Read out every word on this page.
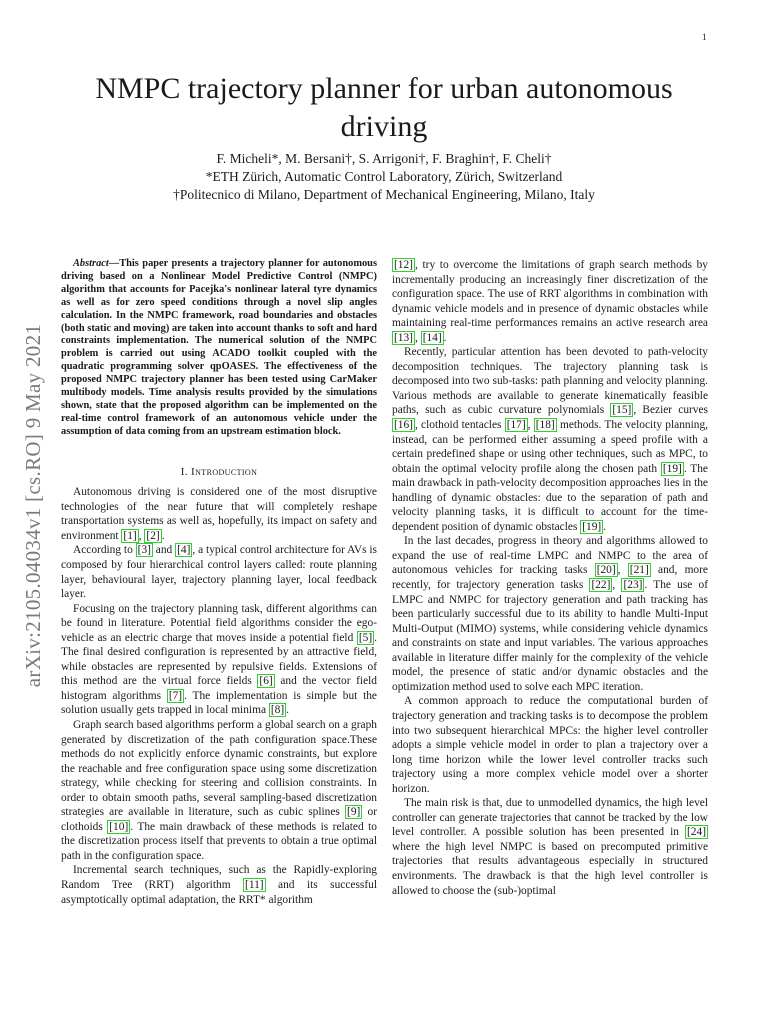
1
arXiv:2105.04034v1 [cs.RO] 9 May 2021
NMPC trajectory planner for urban autonomous driving
F. Micheli*, M. Bersani†, S. Arrigoni†, F. Braghin†, F. Cheli†
*ETH Zürich, Automatic Control Laboratory, Zürich, Switzerland
†Politecnico di Milano, Department of Mechanical Engineering, Milano, Italy

Abstract—This paper presents a trajectory planner for autonomous driving based on a Nonlinear Model Predictive Control (NMPC) algorithm that accounts for Pacejka's nonlinear lateral tyre dynamics as well as for zero speed conditions through a novel slip angles calculation. In the NMPC framework, road boundaries and obstacles (both static and moving) are taken into account thanks to soft and hard constraints implementation. The numerical solution of the NMPC problem is carried out using ACADO toolkit coupled with the quadratic programming solver qpOASES. The effectiveness of the proposed NMPC trajectory planner has been tested using CarMaker multibody models. Time analysis results provided by the simulations shown, state that the proposed algorithm can be implemented on the real-time control framework of an autonomous vehicle under the assumption of data coming from an upstream estimation block.

I. Introduction

Autonomous driving is considered one of the most disruptive technologies of the near future that will completely reshape transportation systems as well as, hopefully, its impact on safety and environment [1] , [2] .

According to [3] and [4] , a typical control architecture for AVs is composed by four hierarchical control layers called: route planning layer, behavioural layer, trajectory planning layer, local feedback layer.

Focusing on the trajectory planning task, different algorithms can be found in literature. Potential field algorithms consider the ego-vehicle as an electric charge that moves inside a potential field [5] . The final desired configuration is represented by an attractive field, while obstacles are represented by repulsive fields. Extensions of this method are the virtual force fields [6] and the vector field histogram algorithms [7] . The implementation is simple but the solution usually gets trapped in local minima [8] .

Graph search based algorithms perform a global search on a graph generated by discretization of the path configuration space.These methods do not explicitly enforce dynamic constraints, but explore the reachable and free configuration space using some discretization strategy, while checking for steering and collision constraints. In order to obtain smooth paths, several sampling-based discretization strategies are available in literature, such as cubic splines [9] or clothoids [10] . The main drawback of these methods is related to the discretization process itself that prevents to obtain a true optimal path in the configuration space.

Incremental search techniques, such as the Rapidly-exploring Random Tree (RRT) algorithm [11] and its successful asymptotically optimal adaptation, the RRT* algorithm

[12] , try to overcome the limitations of graph search methods by incrementally producing an increasingly finer discretization of the configuration space. The use of RRT algorithms in combination with dynamic vehicle models and in presence of dynamic obstacles while maintaining real-time performances remains an active research area [13] , [14] .

Recently, particular attention has been devoted to path-velocity decomposition techniques. The trajectory planning task is decomposed into two sub-tasks: path planning and velocity planning. Various methods are available to generate kinematically feasible paths, such as cubic curvature polynomials [15] , Bezier curves [16] , clothoid tentacles [17] , [18] methods. The velocity planning, instead, can be performed either assuming a speed profile with a certain predefined shape or using other techniques, such as MPC, to obtain the optimal velocity profile along the chosen path [19] . The main drawback in path-velocity decomposition approaches lies in the handling of dynamic obstacles: due to the separation of path and velocity planning tasks, it is difficult to account for the time-dependent position of dynamic obstacles [19] .

In the last decades, progress in theory and algorithms allowed to expand the use of real-time LMPC and NMPC to the area of autonomous vehicles for tracking tasks [20] , [21] and, more recently, for trajectory generation tasks [22] , [23] . The use of LMPC and NMPC for trajectory generation and path tracking has been particularly successful due to its ability to handle Multi-Input Multi-Output (MIMO) systems, while considering vehicle dynamics and constraints on state and input variables. The various approaches available in literature differ mainly for the complexity of the vehicle model, the presence of static and/or dynamic obstacles and the optimization method used to solve each MPC iteration.

A common approach to reduce the computational burden of trajectory generation and tracking tasks is to decompose the problem into two subsequent hierarchical MPCs: the higher level controller adopts a simple vehicle model in order to plan a trajectory over a long time horizon while the lower level controller tracks such trajectory using a more complex vehicle model over a shorter horizon.

The main risk is that, due to unmodelled dynamics, the high level controller can generate trajectories that cannot be tracked by the low level controller. A possible solution has been presented in [24] where the high level NMPC is based on precomputed primitive trajectories that results advantageous especially in structured environments. The drawback is that the high level controller is allowed to choose the (sub-)optimal
